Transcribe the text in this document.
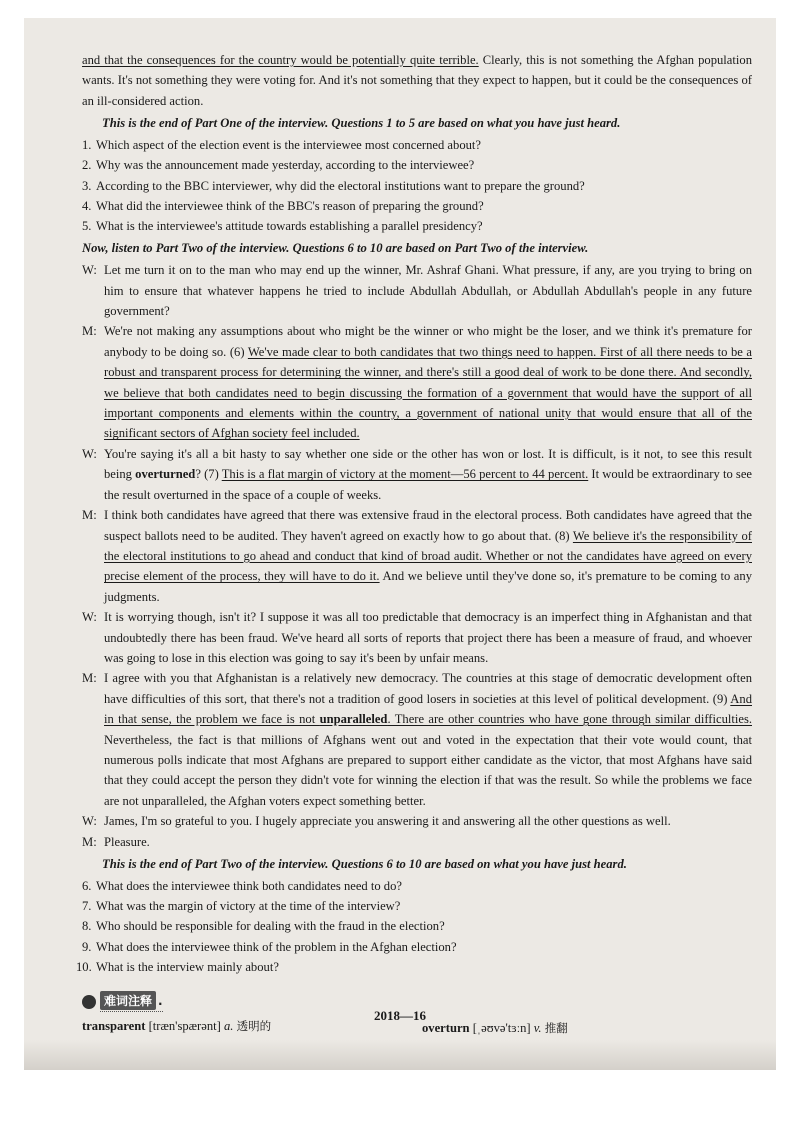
and that the consequences for the country would be potentially quite terrible. Clearly, this is not something the Afghan population wants. It's not something they were voting for. And it's not something that they expect to happen, but it could be the consequences of an ill-considered action.

This is the end of Part One of the interview. Questions 1 to 5 are based on what you have just heard.

1. Which aspect of the election event is the interviewee most concerned about?
2. Why was the announcement made yesterday, according to the interviewee?
3. According to the BBC interviewer, why did the electoral institutions want to prepare the ground?
4. What did the interviewee think of the BBC's reason of preparing the ground?
5. What is the interviewee's attitude towards establishing a parallel presidency?

Now, listen to Part Two of the interview. Questions 6 to 10 are based on Part Two of the interview.

W: Let me turn it on to the man who may end up the winner, Mr. Ashraf Ghani. What pressure, if any, are you trying to bring on him to ensure that whatever happens he tried to include Abdullah Abdullah, or Abdullah Abdullah's people in any future government?
M: We're not making any assumptions about who might be the winner or who might be the loser, and we think it's premature for anybody to be doing so. (6) We've made clear to both candidates that two things need to happen. First of all there needs to be a robust and transparent process for determining the winner, and there's still a good deal of work to be done there. And secondly, we believe that both candidates need to begin discussing the formation of a government that would have the support of all important components and elements within the country, a government of national unity that would ensure that all of the significant sectors of Afghan society feel included.
W: You're saying it's all a bit hasty to say whether one side or the other has won or lost. It is difficult, is it not, to see this result being overturned? (7) This is a flat margin of victory at the moment—56 percent to 44 percent. It would be extraordinary to see the result overturned in the space of a couple of weeks.
M: I think both candidates have agreed that there was extensive fraud in the electoral process. Both candidates have agreed that the suspect ballots need to be audited. They haven't agreed on exactly how to go about that. (8) We believe it's the responsibility of the electoral institutions to go ahead and conduct that kind of broad audit. Whether or not the candidates have agreed on every precise element of the process, they will have to do it. And we believe until they've done so, it's premature to be coming to any judgments.
W: It is worrying though, isn't it? I suppose it was all too predictable that democracy is an imperfect thing in Afghanistan and that undoubtedly there has been fraud. We've heard all sorts of reports that project there has been a measure of fraud, and whoever was going to lose in this election was going to say it's been by unfair means.
M: I agree with you that Afghanistan is a relatively new democracy. The countries at this stage of democratic development often have difficulties of this sort, that there's not a tradition of good losers in societies at this level of political development. (9) And in that sense, the problem we face is not unparalleled. There are other countries who have gone through similar difficulties. Nevertheless, the fact is that millions of Afghans went out and voted in the expectation that their vote would count, that numerous polls indicate that most Afghans are prepared to support either candidate as the victor, that most Afghans have said that they could accept the person they didn't vote for winning the election if that was the result. So while the problems we face are not unparalleled, the Afghan voters expect something better.
W: James, I'm so grateful to you. I hugely appreciate you answering it and answering all the other questions as well.
M: Pleasure.

This is the end of Part Two of the interview. Questions 6 to 10 are based on what you have just heard.

6. What does the interviewee think both candidates need to do?
7. What was the margin of victory at the time of the interview?
8. Who should be responsible for dealing with the fraud in the election?
9. What does the interviewee think of the problem in the Afghan election?
10. What is the interview mainly about?
难词注释 .
transparent [træn'spærənt] a. 透明的	overturn [ˌəʊvə'tɜːn] v. 推翻
2018—16
